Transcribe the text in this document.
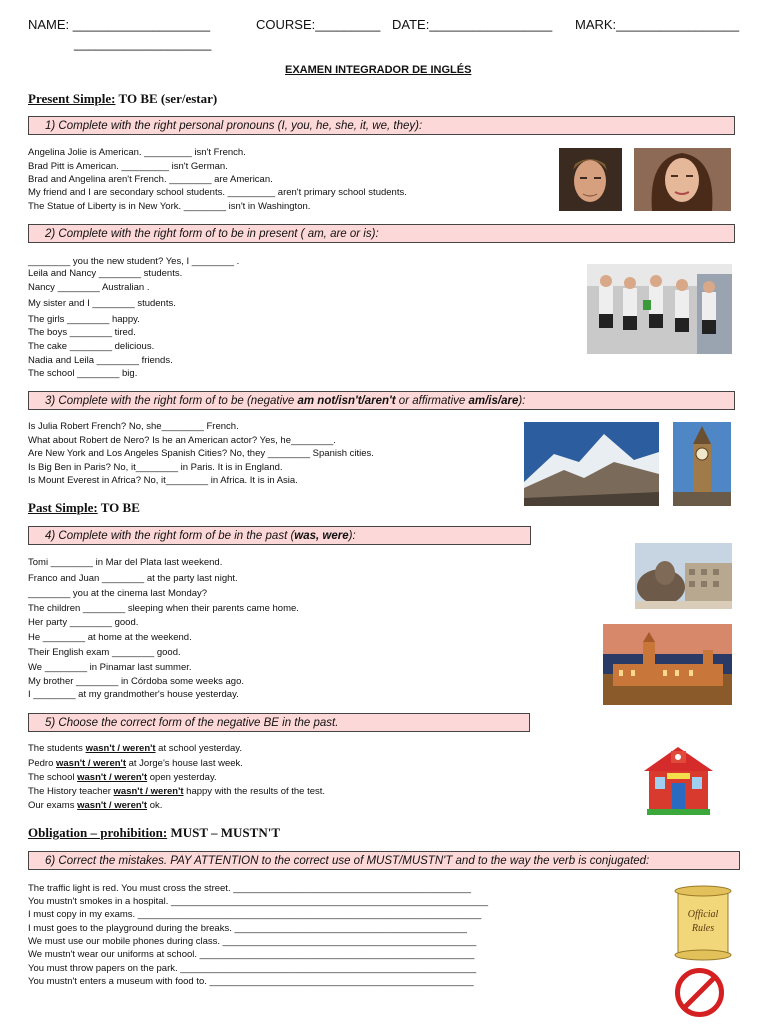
NAME: ___________________
___________________
COURSE:_________ DATE:_________________ MARK:_________________
EXAMEN INTEGRADOR DE INGLÉS
Present Simple: TO BE (ser/estar)
1) Complete with the right personal pronouns (I, you, he, she, it, we, they):
Angelina Jolie is American. _________ isn't French.
Brad Pitt is American. _________ isn't German.
Brad and Angelina aren't French. ________ are American.
My friend and I are secondary school students. _________ aren't primary school students.
The Statue of Liberty is in New York. ________ isn't in Washington.
2) Complete with the right form of to be in present ( am, are or is):
________ you the new student? Yes, I ________ .
Leila and Nancy ________ students.
Nancy ________ Australian .
My sister and I ________ students.
The girls ________ happy.
The boys ________ tired.
The cake ________ delicious.
Nadia and Leila ________ friends.
The school ________ big.
3) Complete with the right form of to be (negative am not/isn't/aren't or affirmative am/is/are):
Is Julia Robert French? No, she________ French.
What about Robert de Nero? Is he an American actor? Yes, he________.
Are New York and Los Angeles Spanish Cities? No, they ________ Spanish cities.
Is Big Ben in Paris? No, it________ in Paris. It is in England.
Is Mount Everest in Africa? No, it________ in Africa. It is in Asia.
Past Simple: TO BE
4) Complete with the right form of be in the past (was, were):
Tomi ________ in Mar del Plata last weekend.
Franco and Juan ________ at the party last night.
________ you at the cinema last Monday?
The children ________ sleeping when their parents came home.
Her party ________ good.
He ________ at home at the weekend.
Their English exam ________ good.
We ________ in Pinamar last summer.
My brother ________ in Córdoba some weeks ago.
I ________ at my grandmother's house yesterday.
5) Choose the correct form of the negative BE in the past.
The students wasn't / weren't at school yesterday.
Pedro wasn't / weren't at Jorge's house last week.
The school wasn't / weren't open yesterday.
The History teacher wasn't / weren't happy with the results of the test.
Our exams wasn't / weren't ok.
Obligation – prohibition: MUST – MUSTN'T
6) Correct the mistakes. PAY ATTENTION to the correct use of MUST/MUSTN'T and to the way the verb is conjugated:
The traffic light is red. You must cross the street. _____________________________________________
You mustn't smokes in a hospital. ____________________________________________________________
I must copy in my exams. _________________________________________________________________
I must goes to the playground during the breaks. ____________________________________________
We must use our mobile phones during class. ________________________________________________
We mustn't wear our uniforms at school. ____________________________________________________
You must throw papers on the park. ________________________________________________________
You mustn't enters a museum with food to. __________________________________________________
Official
Rules
